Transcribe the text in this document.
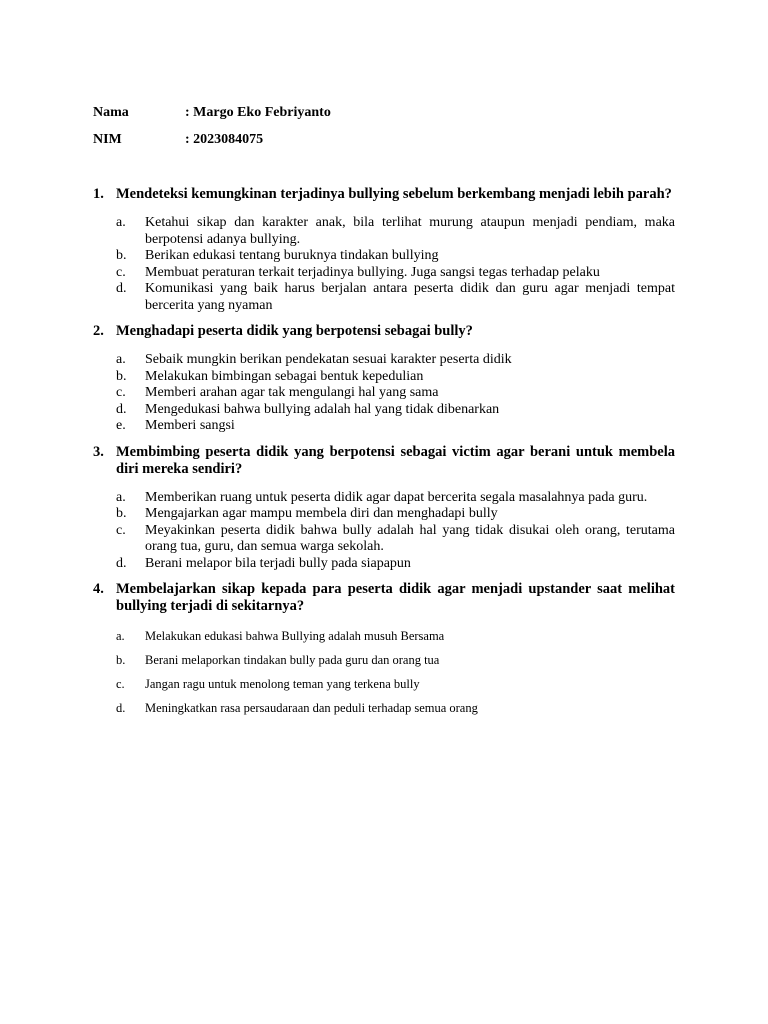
Nama	: Margo Eko Febriyanto
NIM	: 2023084075
1. Mendeteksi kemungkinan terjadinya bullying sebelum berkembang menjadi lebih parah?
a.	Ketahui sikap dan karakter anak, bila terlihat murung ataupun menjadi pendiam, maka berpotensi adanya bullying.
b.	Berikan edukasi tentang buruknya tindakan bullying
c.	Membuat peraturan terkait terjadinya bullying. Juga sangsi tegas terhadap pelaku
d.	Komunikasi yang baik harus berjalan antara peserta didik dan guru agar menjadi tempat bercerita yang nyaman
2. Menghadapi peserta didik yang berpotensi sebagai bully?
a.	Sebaik mungkin berikan pendekatan sesuai karakter peserta didik
b.	Melakukan bimbingan sebagai bentuk kepedulian
c.	Memberi arahan agar tak mengulangi hal yang sama
d.	Mengedukasi bahwa bullying adalah hal yang tidak dibenarkan
e.	Memberi sangsi
3. Membimbing peserta didik yang berpotensi sebagai victim agar berani untuk membela diri mereka sendiri?
a.	Memberikan ruang untuk peserta didik agar dapat bercerita segala masalahnya pada guru.
b.	Mengajarkan agar mampu membela diri dan menghadapi bully
c.	Meyakinkan peserta didik bahwa bully adalah hal yang tidak disukai oleh orang, terutama orang tua, guru, dan semua warga sekolah.
d.	Berani melapor bila terjadi bully pada siapapun
4. Membelajarkan sikap kepada para peserta didik agar menjadi upstander saat melihat bullying terjadi di sekitarnya?
a.	Melakukan edukasi bahwa Bullying adalah musuh Bersama
b.	Berani melaporkan tindakan bully pada guru dan orang tua
c.	Jangan ragu untuk menolong teman yang terkena bully
d.	Meningkatkan rasa persaudaraan dan peduli terhadap semua orang
